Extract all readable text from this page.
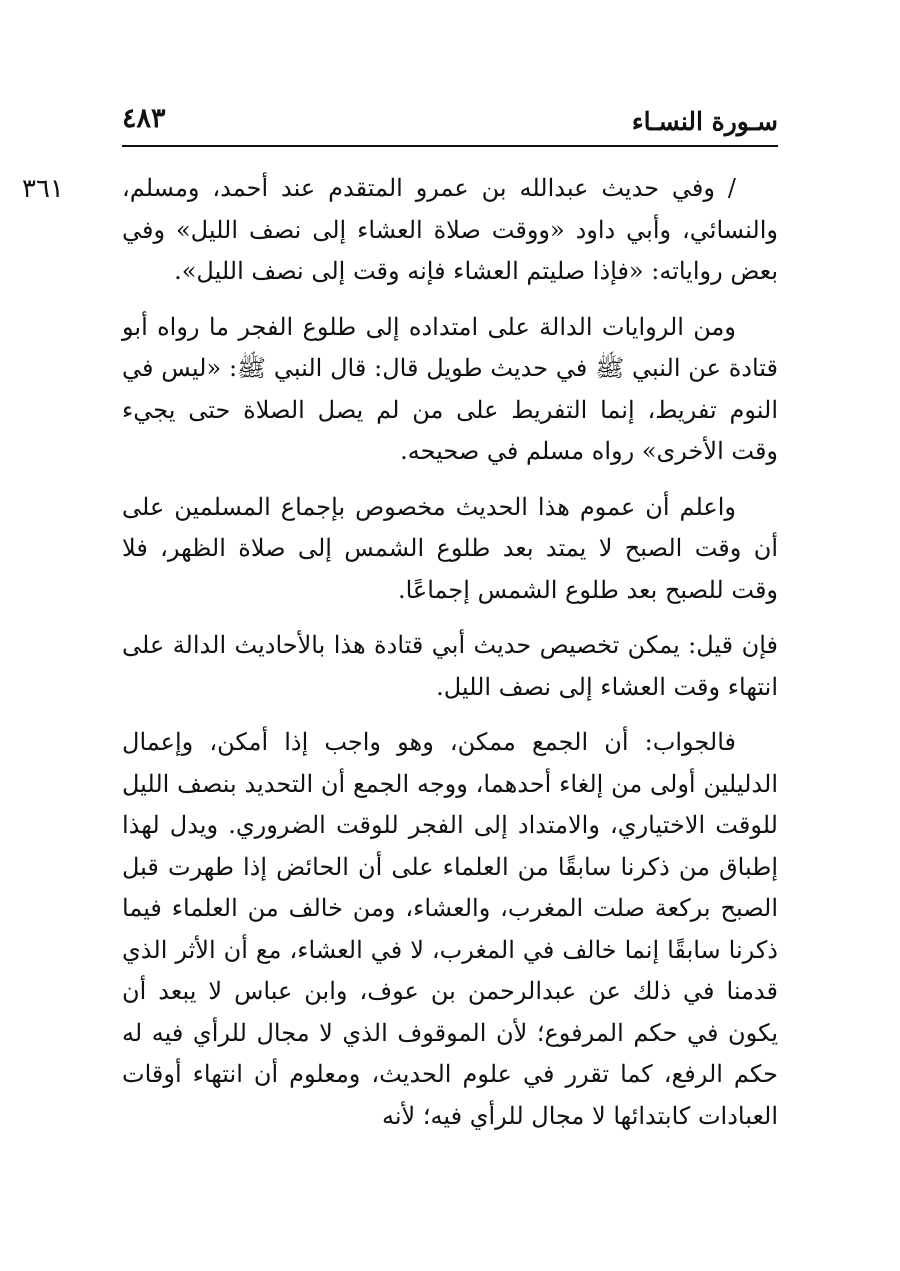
سـورة النسـاء
٤٨٣
٣٦١ / وفي حديث عبدالله بن عمرو المتقدم عند أحمد، ومسلم، والنسائي، وأبي داود «ووقت صلاة العشاء إلى نصف الليل» وفي بعض رواياته: «فإذا صليتم العشاء فإنه وقت إلى نصف الليل».

ومن الروايات الدالة على امتداده إلى طلوع الفجر ما رواه أبو قتادة عن النبي ﷺ في حديث طويل قال: قال النبي ﷺ: «ليس في النوم تفريط، إنما التفريط على من لم يصل الصلاة حتى يجيء وقت الأخرى» رواه مسلم في صحيحه.

واعلم أن عموم هذا الحديث مخصوص بإجماع المسلمين على أن وقت الصبح لا يمتد بعد طلوع الشمس إلى صلاة الظهر، فلا وقت للصبح بعد طلوع الشمس إجماعًا.

فإن قيل: يمكن تخصيص حديث أبي قتادة هذا بالأحاديث الدالة على انتهاء وقت العشاء إلى نصف الليل.

فالجواب: أن الجمع ممكن، وهو واجب إذا أمكن، وإعمال الدليلين أولى من إلغاء أحدهما، ووجه الجمع أن التحديد بنصف الليل للوقت الاختياري، والامتداد إلى الفجر للوقت الضروري. ويدل لهذا إطباق من ذكرنا سابقًا من العلماء على أن الحائض إذا طهرت قبل الصبح بركعة صلت المغرب، والعشاء، ومن خالف من العلماء فيما ذكرنا سابقًا إنما خالف في المغرب، لا في العشاء، مع أن الأثر الذي قدمنا في ذلك عن عبدالرحمن بن عوف، وابن عباس لا يبعد أن يكون في حكم المرفوع؛ لأن الموقوف الذي لا مجال للرأي فيه له حكم الرفع، كما تقرر في علوم الحديث، ومعلوم أن انتهاء أوقات العبادات كابتدائها لا مجال للرأي فيه؛ لأنه
